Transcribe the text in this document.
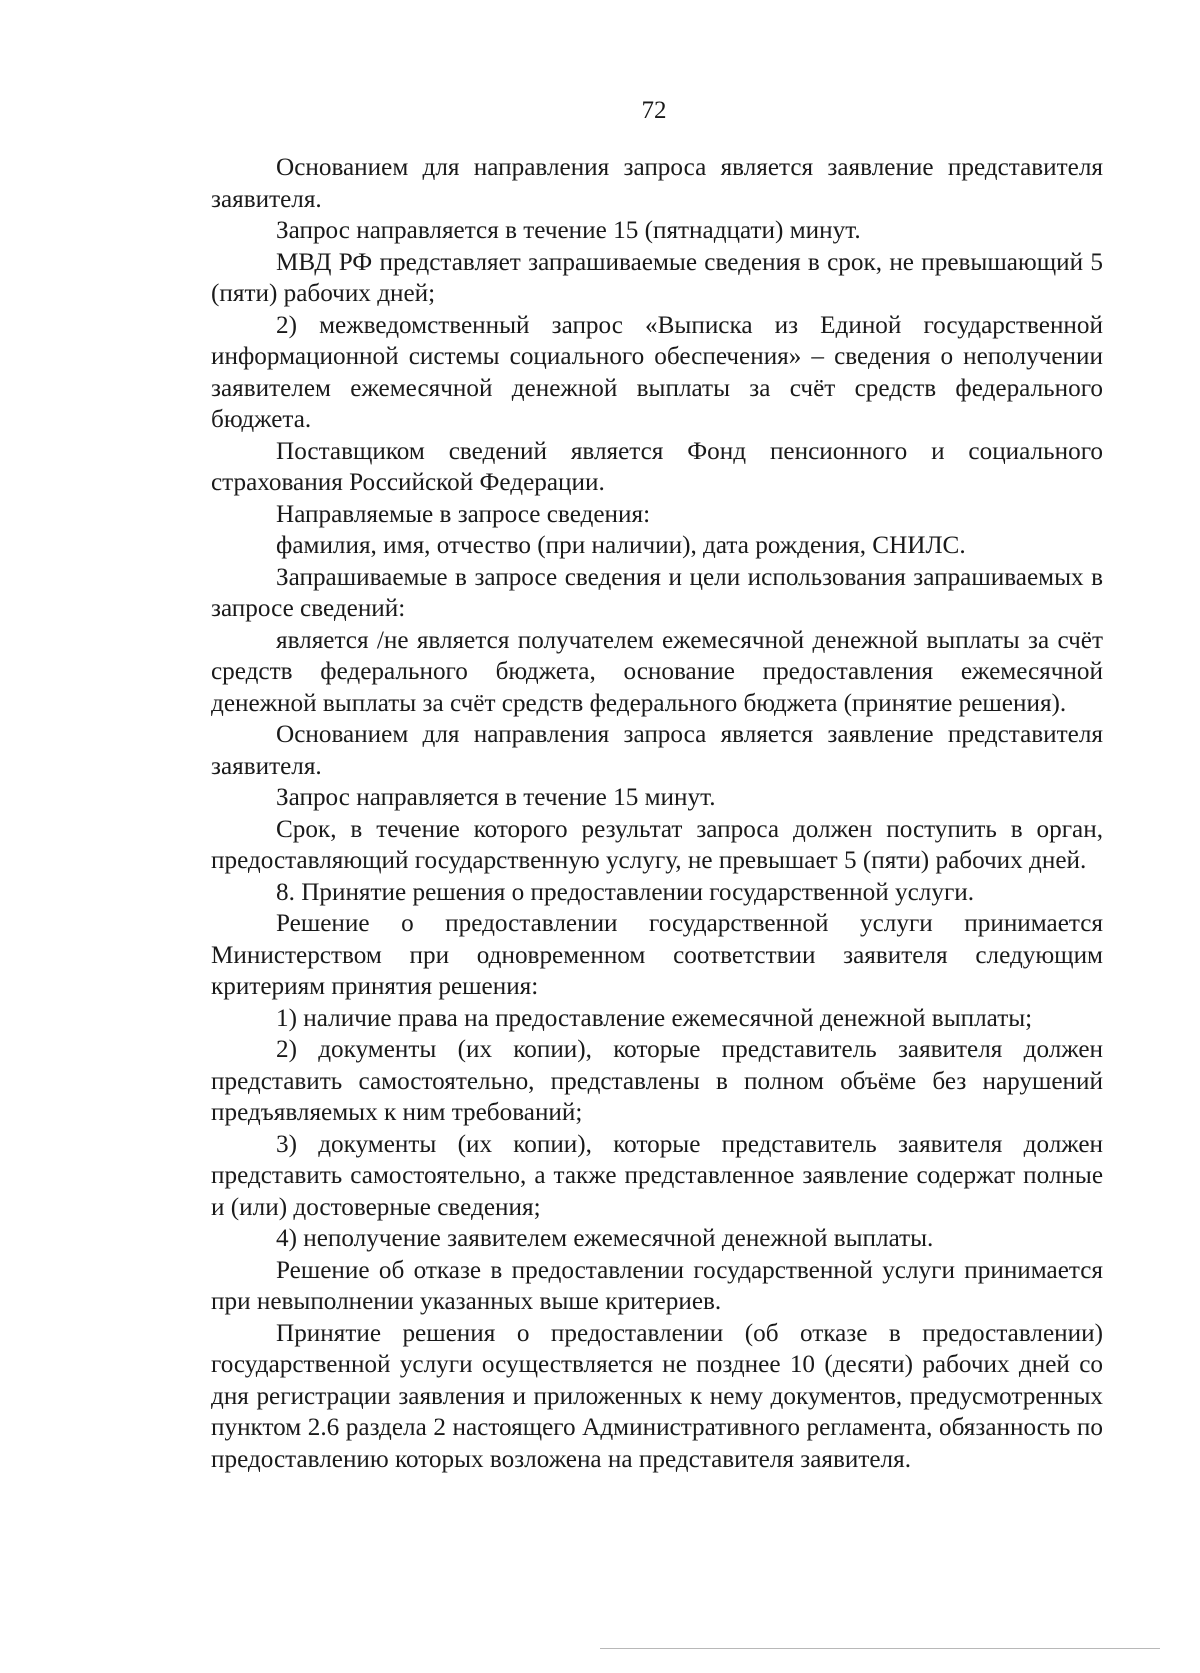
72

Основанием для направления запроса является заявление представителя заявителя.

Запрос направляется в течение 15 (пятнадцати) минут.

МВД РФ представляет запрашиваемые сведения в срок, не превышающий 5 (пяти) рабочих дней;

2) межведомственный запрос «Выписка из Единой государственной информационной системы социального обеспечения» – сведения о неполучении заявителем ежемесячной денежной выплаты за счёт средств федерального бюджета.

Поставщиком сведений является Фонд пенсионного и социального страхования Российской Федерации.

Направляемые в запросе сведения:

фамилия, имя, отчество (при наличии), дата рождения, СНИЛС.

Запрашиваемые в запросе сведения и цели использования запрашиваемых в запросе сведений:

является /не является получателем ежемесячной денежной выплаты за счёт средств федерального бюджета, основание предоставления ежемесячной денежной выплаты за счёт средств федерального бюджета (принятие решения).

Основанием для направления запроса является заявление представителя заявителя.

Запрос направляется в течение 15 минут.

Срок, в течение которого результат запроса должен поступить в орган, предоставляющий государственную услугу, не превышает 5 (пяти) рабочих дней.

8. Принятие решения о предоставлении государственной услуги.

Решение о предоставлении государственной услуги принимается Министерством при одновременном соответствии заявителя следующим критериям принятия решения:

1) наличие права на предоставление ежемесячной денежной выплаты;

2) документы (их копии), которые представитель заявителя должен представить самостоятельно, представлены в полном объёме без нарушений предъявляемых к ним требований;

3) документы (их копии), которые представитель заявителя должен представить самостоятельно, а также представленное заявление содержат полные и (или) достоверные сведения;

4) неполучение заявителем ежемесячной денежной выплаты.

Решение об отказе в предоставлении государственной услуги принимается при невыполнении указанных выше критериев.

Принятие решения о предоставлении (об отказе в предоставлении) государственной услуги осуществляется не позднее 10 (десяти) рабочих дней со дня регистрации заявления и приложенных к нему документов, предусмотренных пунктом 2.6 раздела 2 настоящего Административного регламента, обязанность по предоставлению которых возложена на представителя заявителя.
